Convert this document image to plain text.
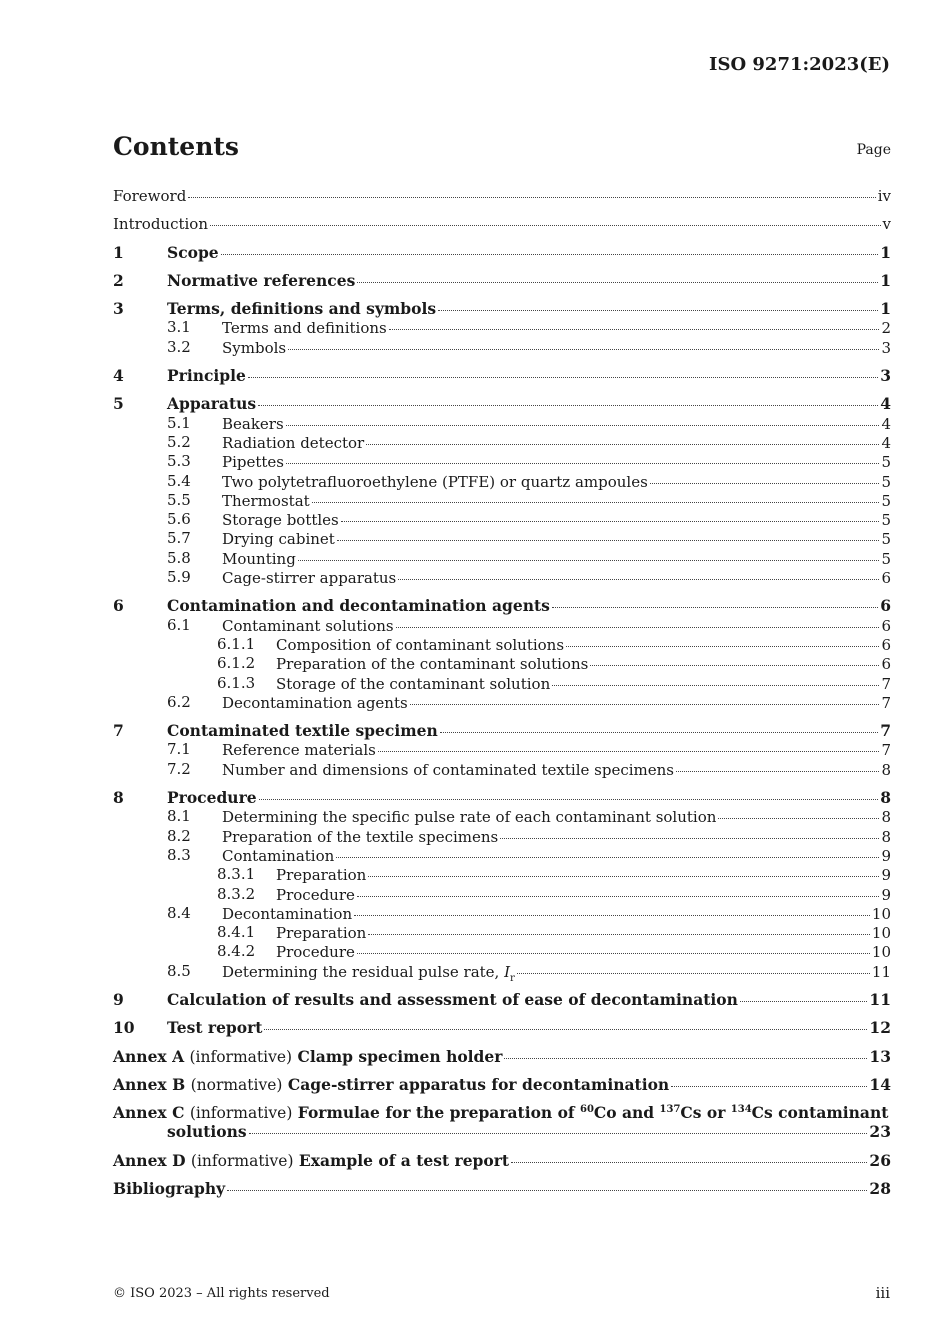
ISO 9271:2023(E)
Contents	Page
Foreword	iv
Introduction	v
1	Scope	1
2	Normative references	1
3	Terms, definitions and symbols	1
3.1 Terms and definitions	2
3.2 Symbols	3
4	Principle	3
5	Apparatus	4
5.1 Beakers	4
5.2 Radiation detector	4
5.3 Pipettes	5
5.4 Two polytetrafluoroethylene (PTFE) or quartz ampoules	5
5.5 Thermostat	5
5.6 Storage bottles	5
5.7 Drying cabinet	5
5.8 Mounting	5
5.9 Cage-stirrer apparatus	6
6	Contamination and decontamination agents	6
6.1 Contaminant solutions	6
6.1.1 Composition of contaminant solutions	6
6.1.2 Preparation of the contaminant solutions	6
6.1.3 Storage of the contaminant solution	7
6.2 Decontamination agents	7
7	Contaminated textile specimen	7
7.1 Reference materials	7
7.2 Number and dimensions of contaminated textile specimens	8
8	Procedure	8
8.1 Determining the specific pulse rate of each contaminant solution	8
8.2 Preparation of the textile specimens	8
8.3 Contamination	9
8.3.1 Preparation	9
8.3.2 Procedure	9
8.4 Decontamination	10
8.4.1 Preparation	10
8.4.2 Procedure	10
8.5 Determining the residual pulse rate, $I_r$	11
9	Calculation of results and assessment of ease of decontamination	11
10 Test report	12
Annex A (informative) Clamp specimen holder	13
Annex B (normative) Cage-stirrer apparatus for decontamination	14
Annex C (informative) Formulae for the preparation of $^{60}$Co and $^{137}$Cs or $^{134}$Cs contaminant
solutions	23
Annex D (informative) Example of a test report	26
Bibliography	28
© ISO 2023 – All rights reserved	iii
